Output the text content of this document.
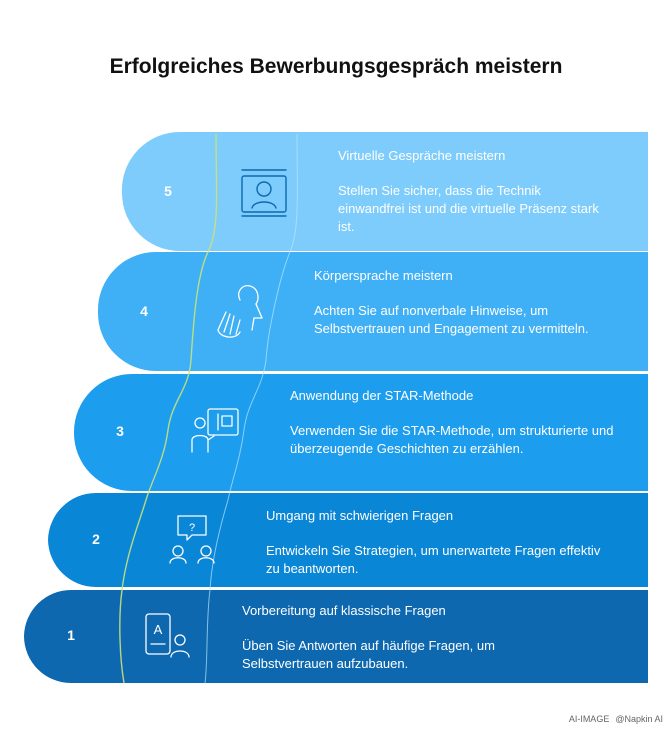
Erfolgreiches Bewerbungsgespräch meistern
?
A
5
4
3
2
1

Virtuelle Gespräche meistern

Stellen Sie sicher, dass die Technik einwandfrei ist und die virtuelle Präsenz stark ist.

Körpersprache meistern

Achten Sie auf nonverbale Hinweise, um Selbstvertrauen und Engagement zu vermitteln.

Anwendung der STAR-Methode

Verwenden Sie die STAR-Methode, um strukturierte und überzeugende Geschichten zu erzählen.

Umgang mit schwierigen Fragen

Entwickeln Sie Strategien, um unerwartete Fragen effektiv zu beantworten.

Vorbereitung auf klassische Fragen

Üben Sie Antworten auf häufige Fragen, um Selbstvertrauen aufzubauen.

AI-IMAGE @Napkin AI
